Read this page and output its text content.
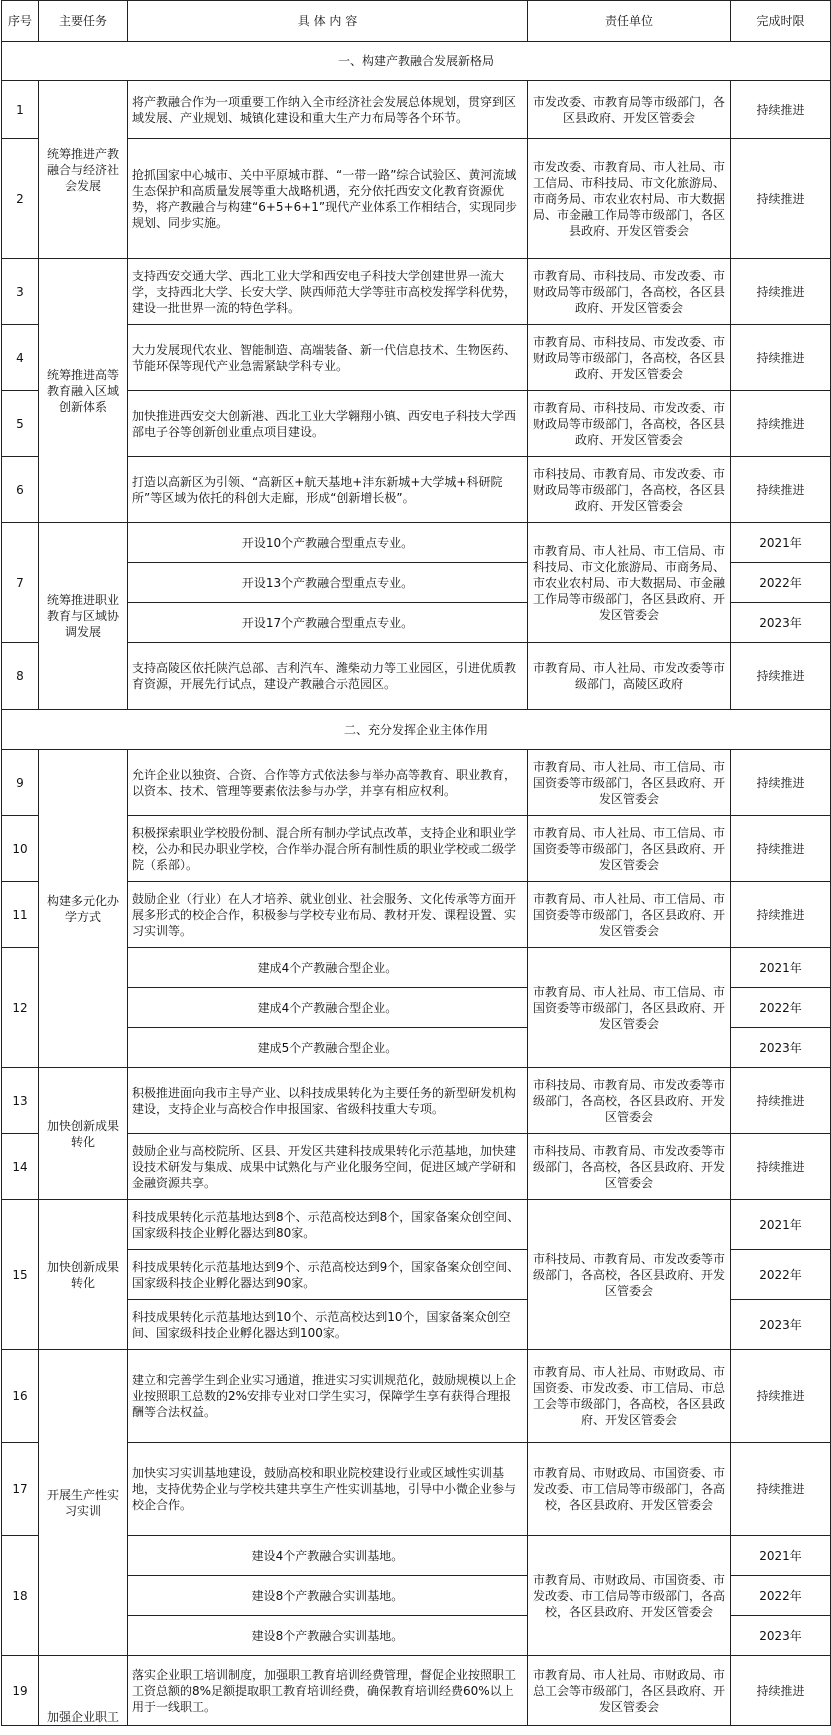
序号	主要任务	具 体 内 容	责任单位	完成时限
一、构建产教融合发展新格局				
1	统筹推进产教融合与经济社会发展	将产教融合作为一项重要工作纳入全市经济社会发展总体规划，贯穿到区域发展、产业规划、城镇化建设和重大生产力布局等各个环节。	市发改委、市教育局等市级部门，各区县政府、开发区管委会	持续推进
2		抢抓国家中心城市、关中平原城市群、“一带一路”综合试验区、黄河流域生态保护和高质量发展等重大战略机遇，充分依托西安文化教育资源优势，将产教融合与构建“6+5+6+1”现代产业体系工作相结合，实现同步规划、同步实施。	市发改委、市教育局、市人社局、市工信局、市科技局、市文化旅游局、市商务局、市农业农村局、市大数据局、市金融工作局等市级部门，各区县政府、开发区管委会	持续推进
3	统筹推进高等教育融入区域创新体系	支持西安交通大学、西北工业大学和西安电子科技大学创建世界一流大学，支持西北大学、长安大学、陕西师范大学等驻市高校发挥学科优势，建设一批世界一流的特色学科。	市教育局、市科技局、市发改委、市财政局等市级部门，各高校，各区县政府、开发区管委会	持续推进
4		大力发展现代农业、智能制造、高端装备、新一代信息技术、生物医药、节能环保等现代产业急需紧缺学科专业。	市教育局、市科技局、市发改委、市财政局等市级部门，各高校，各区县政府、开发区管委会	持续推进
5		加快推进西安交大创新港、西北工业大学翱翔小镇、西安电子科技大学西部电子谷等创新创业重点项目建设。	市教育局、市科技局、市发改委、市财政局等市级部门，各高校，各区县政府、开发区管委会	持续推进
6		打造以高新区为引领、“高新区+航天基地+沣东新城+大学城+科研院所”等区域为依托的科创大走廊，形成“创新增长极”。	市科技局、市教育局、市发改委、市财政局等市级部门，各高校，各区县政府、开发区管委会	持续推进
7	统筹推进职业教育与区域协调发展	开设10个产教融合型重点专业。	市教育局、市人社局、市工信局、市科技局、市文化旅游局、市商务局、市农业农村局、市大数据局、市金融工作局等市级部门，各区县政府、开发区管委会	2021年
		开设13个产教融合型重点专业。		2022年
		开设17个产教融合型重点专业。		2023年
8		支持高陵区依托陕汽总部、吉利汽车、潍柴动力等工业园区，引进优质教育资源，开展先行试点，建设产教融合示范园区。	市教育局、市人社局、市发改委等市级部门，高陵区政府	持续推进
二、充分发挥企业主体作用				
9	构建多元化办学方式	允许企业以独资、合资、合作等方式依法参与举办高等教育、职业教育，以资本、技术、管理等要素依法参与办学，并享有相应权利。	市教育局、市人社局、市工信局、市国资委等市级部门，各区县政府、开发区管委会	持续推进
10		积极探索职业学校股份制、混合所有制办学试点改革，支持企业和职业学校，公办和民办职业学校，合作举办混合所有制性质的职业学校或二级学院（系部）。	市教育局、市人社局、市工信局、市国资委等市级部门，各区县政府、开发区管委会	持续推进
11		鼓励企业（行业）在人才培养、就业创业、社会服务、文化传承等方面开展多形式的校企合作，积极参与学校专业布局、教材开发、课程设置、实习实训等。	市教育局、市人社局、市工信局、市国资委等市级部门，各区县政府、开发区管委会	持续推进
12		建成4个产教融合型企业。	市教育局、市人社局、市工信局、市国资委等市级部门，各区县政府、开发区管委会	2021年
		建成4个产教融合型企业。		2022年
		建成5个产教融合型企业。		2023年
13	加快创新成果转化	积极推进面向我市主导产业、以科技成果转化为主要任务的新型研发机构建设，支持企业与高校合作申报国家、省级科技重大专项。	市科技局、市教育局、市发改委等市级部门，各高校，各区县政府、开发区管委会	持续推进
14		鼓励企业与高校院所、区县、开发区共建科技成果转化示范基地，加快建设技术研发与集成、成果中试熟化与产业化服务空间，促进区域产学研和金融资源共享。	市科技局、市教育局、市发改委等市级部门，各高校，各区县政府、开发区管委会	持续推进
15	加快创新成果转化	科技成果转化示范基地达到8个、示范高校达到8个，国家备案众创空间、国家级科技企业孵化器达到80家。	市科技局、市教育局、市发改委等市级部门，各高校，各区县政府、开发区管委会	2021年
		科技成果转化示范基地达到9个、示范高校达到9个，国家备案众创空间、国家级科技企业孵化器达到90家。		2022年
		科技成果转化示范基地达到10个、示范高校达到10个，国家备案众创空间、国家级科技企业孵化器达到100家。		2023年
16	开展生产性实习实训	建立和完善学生到企业实习通道，推进实习实训规范化，鼓励规模以上企业按照职工总数的2%安排专业对口学生实习，保障学生享有获得合理报酬等合法权益。	市教育局、市人社局、市财政局、市国资委、市发改委、市工信局、市总工会等市级部门，各高校，各区县政府、开发区管委会	持续推进
17		加快实习实训基地建设，鼓励高校和职业院校建设行业或区域性实训基地，支持优势企业与学校共建共享生产性实训基地，引导中小微企业参与校企合作。	市教育局、市财政局、市国资委、市发改委、市工信局等市级部门，各高校，各区县政府、开发区管委会	持续推进
18		建设4个产教融合实训基地。	市教育局、市财政局、市国资委、市发改委、市工信局等市级部门，各高校，各区县政府、开发区管委会	2021年
		建设8个产教融合实训基地。		2022年
		建设8个产教融合实训基地。		2023年
19	加强企业职工	落实企业职工培训制度，加强职工教育培训经费管理，督促企业按照职工工资总额的8%足额提取职工教育培训经费，确保教育培训经费60%以上用于一线职工。	市教育局、市人社局、市财政局、市总工会等市级部门，各区县政府、开发区管委会	持续推进
